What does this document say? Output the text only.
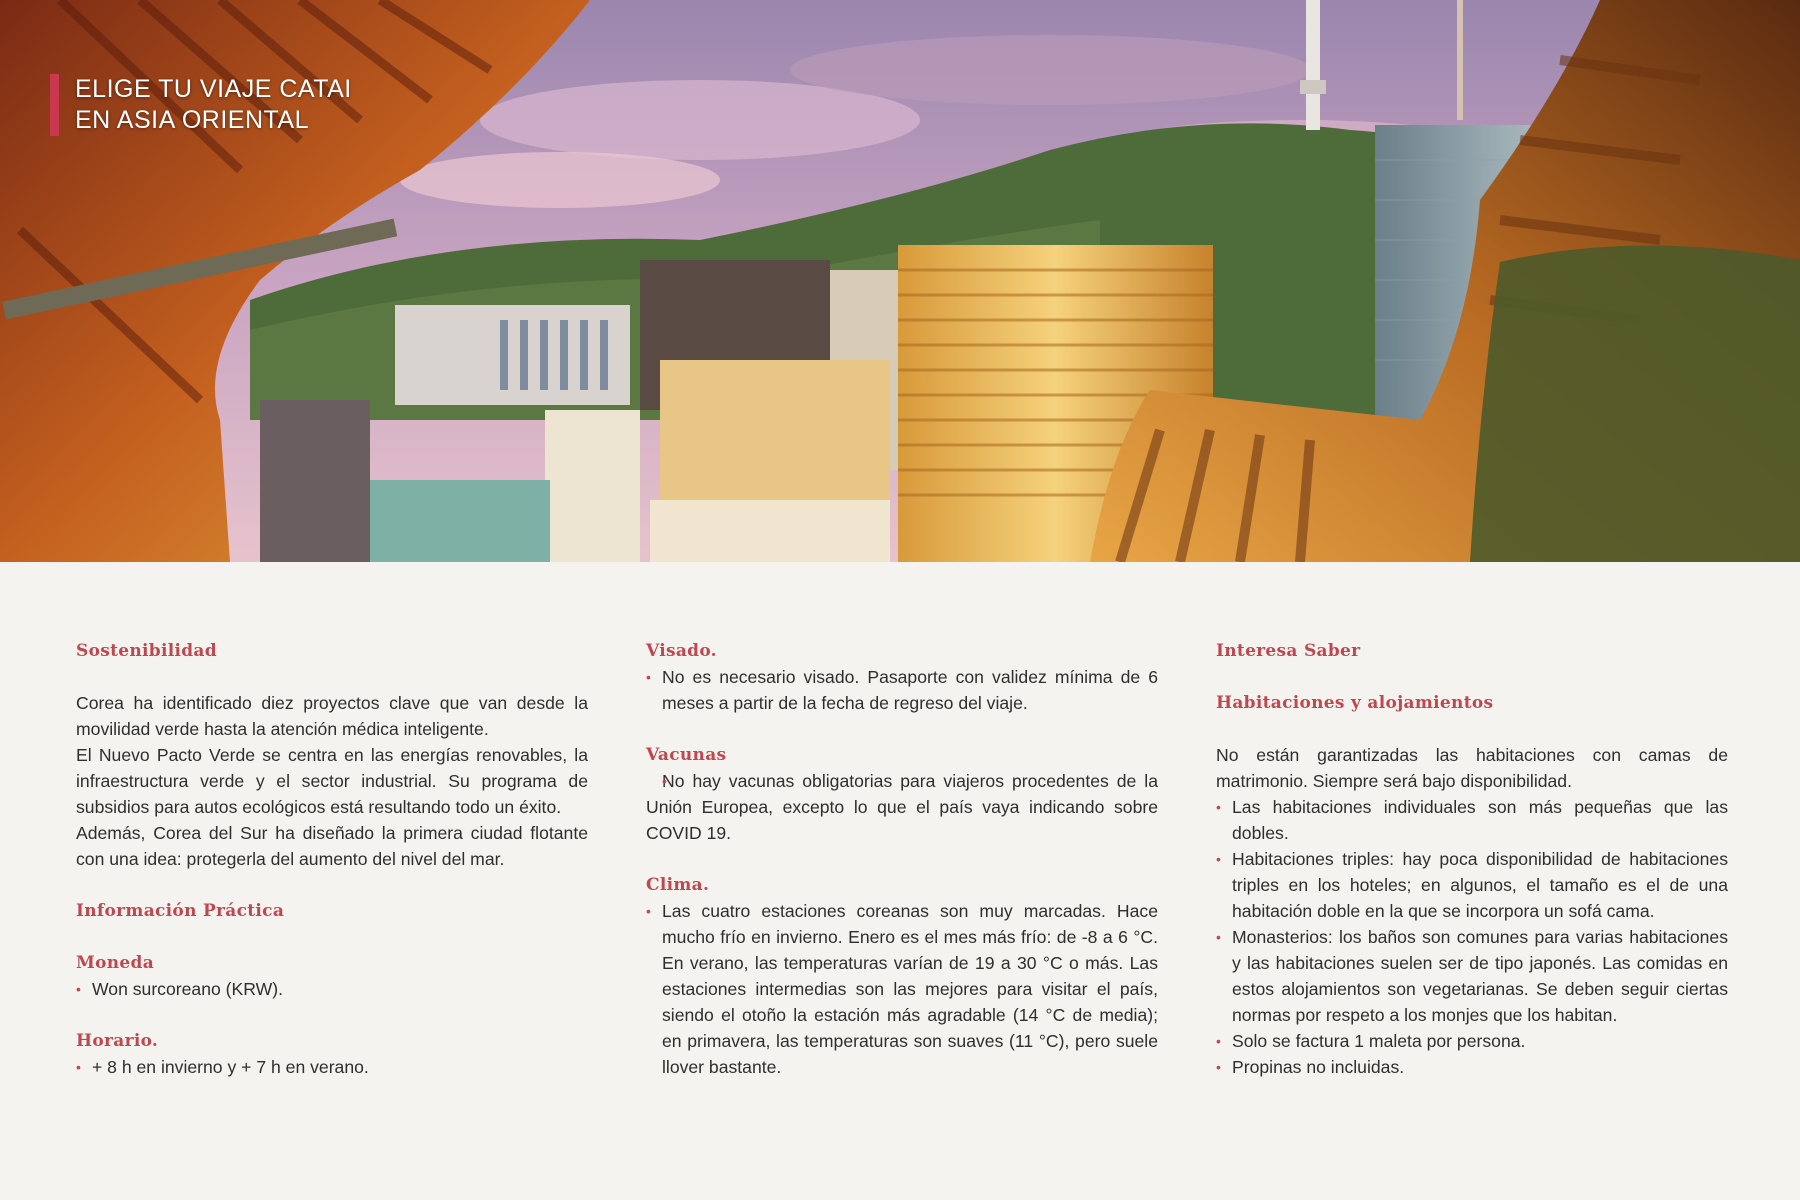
ELIGE TU VIAJE CATAI
EN ASIA ORIENTAL

Sostenibilidad

Corea ha identificado diez proyectos clave que van desde la movilidad verde hasta la atención médica inteligente.

El Nuevo Pacto Verde se centra en las energías renovables, la infraestructura verde y el sector industrial. Su programa de subsidios para autos ecológicos está resultando todo un éxito.

Además, Corea del Sur ha diseñado la primera ciudad flotante con una idea: protegerla del aumento del nivel del mar.

Información Práctica

Moneda

• Won surcoreano (KRW).

Horario.

• + 8 h en invierno y + 7 h en verano.

Visado.

• No es necesario visado. Pasaporte con validez mínima de 6 meses a partir de la fecha de regreso del viaje.

Vacunas

• No hay vacunas obligatorias para viajeros procedentes de la Unión Europea, excepto lo que el país vaya indicando sobre COVID 19.

Clima.

• Las cuatro estaciones coreanas son muy marcadas. Hace mucho frío en invierno. Enero es el mes más frío: de -8 a 6 °C. En verano, las temperaturas varían de 19 a 30 °C o más. Las estaciones intermedias son las mejores para visitar el país, siendo el otoño la estación más agradable (14 °C de media); en primavera, las temperaturas son suaves (11 °C), pero suele llover bastante.

Interesa Saber

Habitaciones y alojamientos

No están garantizadas las habitaciones con camas de matrimonio. Siempre será bajo disponibilidad.

• Las habitaciones individuales son más pequeñas que las dobles.
• Habitaciones triples: hay poca disponibilidad de habitaciones triples en los hoteles; en algunos, el tamaño es el de una habitación doble en la que se incorpora un sofá cama.
• Monasterios: los baños son comunes para varias habitaciones y las habitaciones suelen ser de tipo japonés. Las comidas en estos alojamientos son vegetarianas. Se deben seguir ciertas normas por respeto a los monjes que los habitan.
• Solo se factura 1 maleta por persona.
• Propinas no incluidas.
